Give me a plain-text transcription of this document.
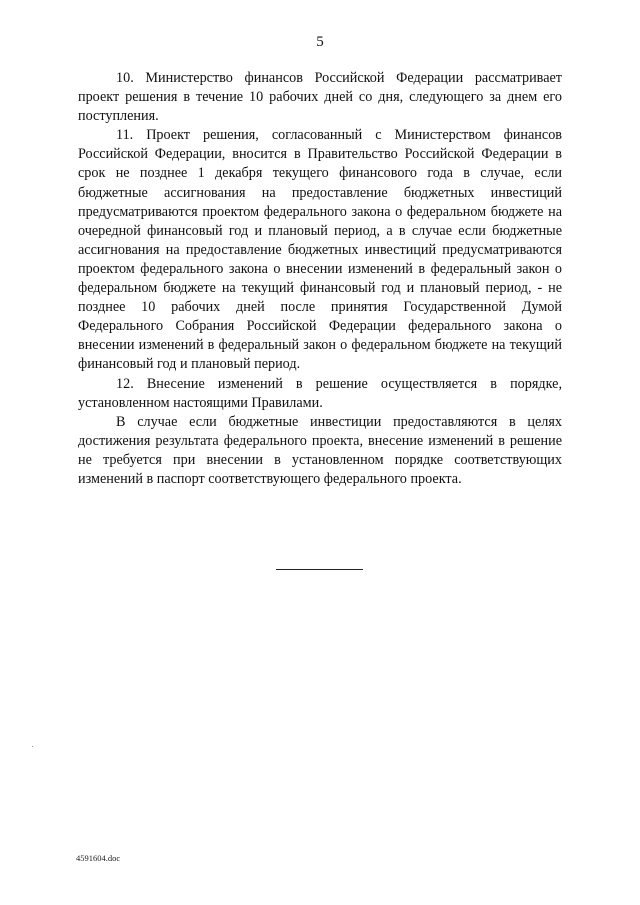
5

10. Министерство финансов Российской Федерации рассматривает проект решения в течение 10 рабочих дней со дня, следующего за днем его поступления.

11. Проект решения, согласованный с Министерством финансов Российской Федерации, вносится в Правительство Российской Федерации в срок не позднее 1 декабря текущего финансового года в случае, если бюджетные ассигнования на предоставление бюджетных инвестиций предусматриваются проектом федерального закона о федеральном бюджете на очередной финансовый год и плановый период, а в случае если бюджетные ассигнования на предоставление бюджетных инвестиций предусматриваются проектом федерального закона о внесении изменений в федеральный закон о федеральном бюджете на текущий финансовый год и плановый период, - не позднее 10 рабочих дней после принятия Государственной Думой Федерального Собрания Российской Федерации федерального закона о внесении изменений в федеральный закон о федеральном бюджете на текущий финансовый год и плановый период.

12. Внесение изменений в решение осуществляется в порядке, установленном настоящими Правилами.

В случае если бюджетные инвестиции предоставляются в целях достижения результата федерального проекта, внесение изменений в решение не требуется при внесении в установленном порядке соответствующих изменений в паспорт соответствующего федерального проекта.

4591604.doc
